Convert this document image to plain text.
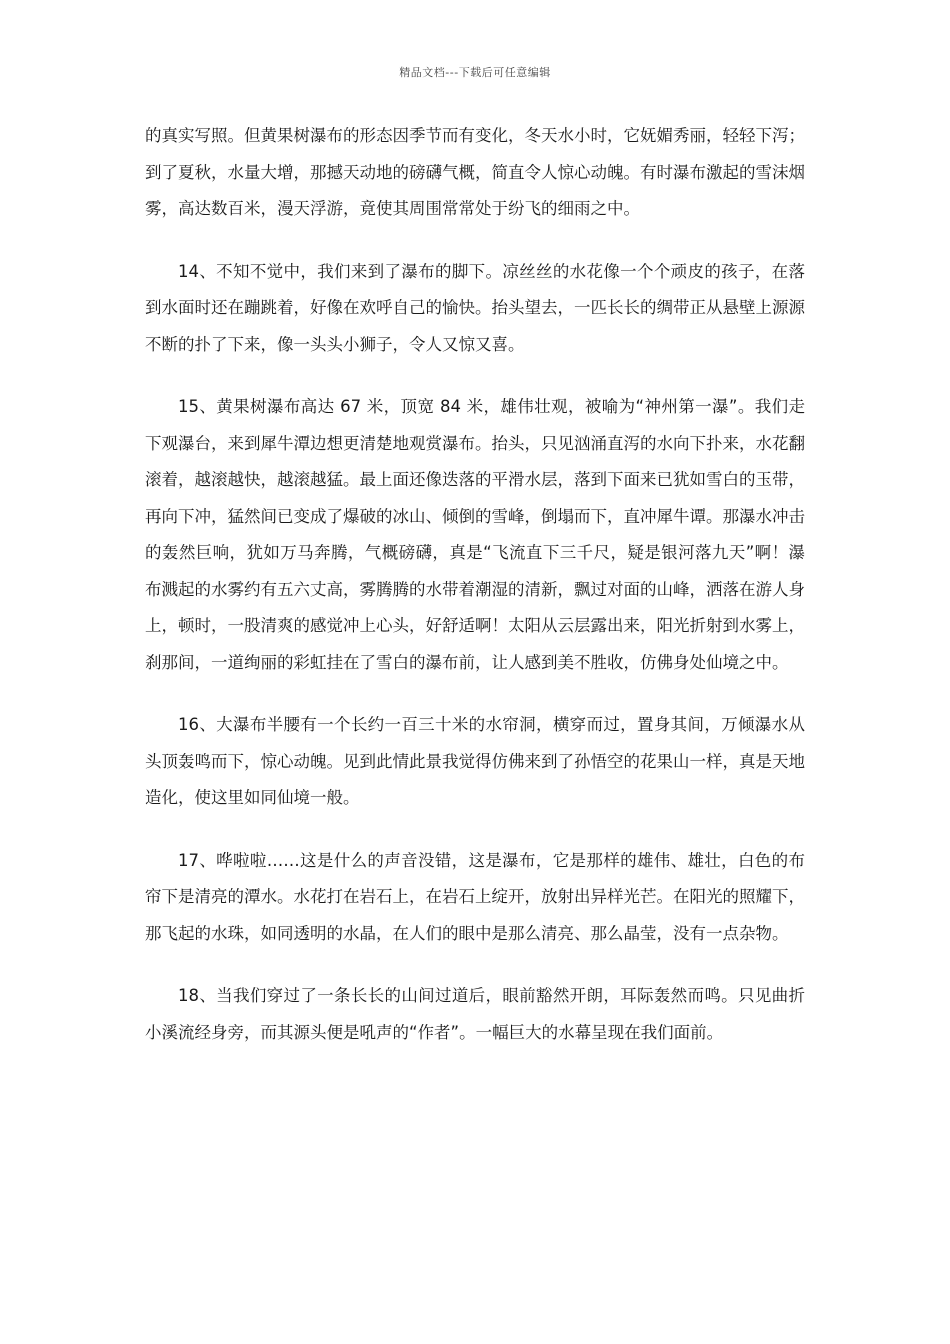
精品文档---下载后可任意编辑

的真实写照。但黄果树瀑布的形态因季节而有变化，冬天水小时，它妩媚秀丽，轻轻下泻；到了夏秋，水量大增，那撼天动地的磅礴气概，简直令人惊心动魄。有时瀑布激起的雪沫烟雾，高达数百米，漫天浮游，竟使其周围常常处于纷飞的细雨之中。

14、不知不觉中，我们来到了瀑布的脚下。凉丝丝的水花像一个个顽皮的孩子，在落到水面时还在蹦跳着，好像在欢呼自己的愉快。抬头望去，一匹长长的绸带正从悬壁上源源不断的扑了下来，像一头头小狮子，令人又惊又喜。

15、黄果树瀑布高达 67 米，顶宽 84 米，雄伟壮观，被喻为“神州第一瀑”。我们走下观瀑台，来到犀牛潭边想更清楚地观赏瀑布。抬头，只见汹涌直泻的水向下扑来，水花翻滚着，越滚越快，越滚越猛。最上面还像迭落的平滑水层，落到下面来已犹如雪白的玉带，再向下冲，猛然间已变成了爆破的冰山、倾倒的雪峰，倒塌而下，直冲犀牛谭。那瀑水冲击的轰然巨响，犹如万马奔腾，气概磅礴，真是“飞流直下三千尺，疑是银河落九天”啊！瀑布溅起的水雾约有五六丈高，雾腾腾的水带着潮湿的清新，飘过对面的山峰，洒落在游人身上，顿时，一股清爽的感觉冲上心头，好舒适啊！太阳从云层露出来，阳光折射到水雾上，刹那间，一道绚丽的彩虹挂在了雪白的瀑布前，让人感到美不胜收，仿佛身处仙境之中。

16、大瀑布半腰有一个长约一百三十米的水帘洞，横穿而过，置身其间，万倾瀑水从头顶轰鸣而下，惊心动魄。见到此情此景我觉得仿佛来到了孙悟空的花果山一样，真是天地造化，使这里如同仙境一般。

17、哗啦啦……这是什么的声音没错，这是瀑布，它是那样的雄伟、雄壮，白色的布帘下是清亮的潭水。水花打在岩石上，在岩石上绽开，放射出异样光芒。在阳光的照耀下，那飞起的水珠，如同透明的水晶，在人们的眼中是那么清亮、那么晶莹，没有一点杂物。

18、当我们穿过了一条长长的山间过道后，眼前豁然开朗，耳际轰然而鸣。只见曲折小溪流经身旁，而其源头便是吼声的“作者”。一幅巨大的水幕呈现在我们面前。
